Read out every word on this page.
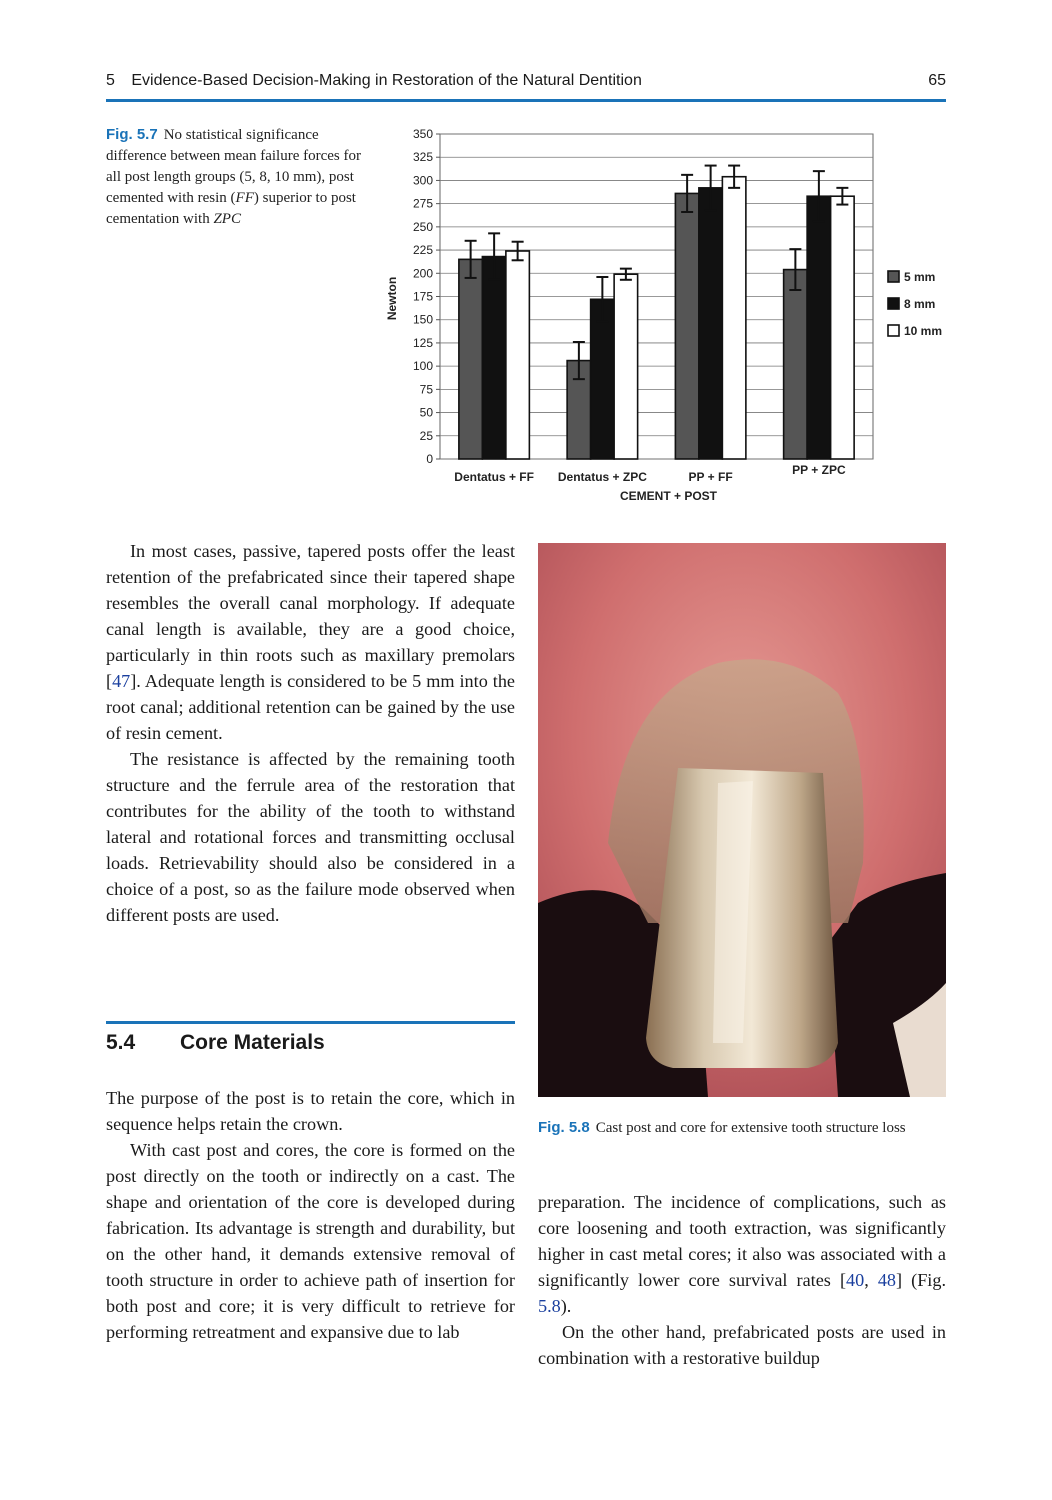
5 Evidence-Based Decision-Making in Restoration of the Natural Dentition	65
Fig. 5.7 No statistical significance difference between mean failure forces for all post length groups (5, 8, 10 mm), post cemented with resin (FF) superior to post cementation with ZPC
0
25
50
75
100
125
150
175
200
225
250
275
300
325
350
Dentatus + FF Dentatus + ZPC	PP + FF	PP + ZPC
CEMENT + POST
Newton	5 mm
8 mm
10 mm

In most cases, passive, tapered posts offer the least retention of the prefabricated since their tapered shape resembles the overall canal morphology. If adequate canal length is available, they are a good choice, particularly in thin roots such as maxillary premolars [47]. Adequate length is considered to be 5 mm into the root canal; additional retention can be gained by the use of resin cement.

The resistance is affected by the remaining tooth structure and the ferrule area of the restoration that contributes for the ability of the tooth to withstand lateral and rotational forces and transmitting occlusal loads. Retrievability should also be considered in a choice of a post, so as the failure mode observed when different posts are used.

5.4 Core Materials

The purpose of the post is to retain the core, which in sequence helps retain the crown.

With cast post and cores, the core is formed on the post directly on the tooth or indirectly on a cast. The shape and orientation of the core is developed during fabrication. Its advantage is strength and durability, but on the other hand, it demands extensive removal of tooth structure in order to achieve path of insertion for both post and core; it is very difficult to retrieve for performing retreatment and expansive due to lab

Fig. 5.8 Cast post and core for extensive tooth structure loss

preparation. The incidence of complications, such as core loosening and tooth extraction, was significantly higher in cast metal cores; it also was associated with a significantly lower core survival rates [40, 48] (Fig. 5.8).

On the other hand, prefabricated posts are used in combination with a restorative buildup
